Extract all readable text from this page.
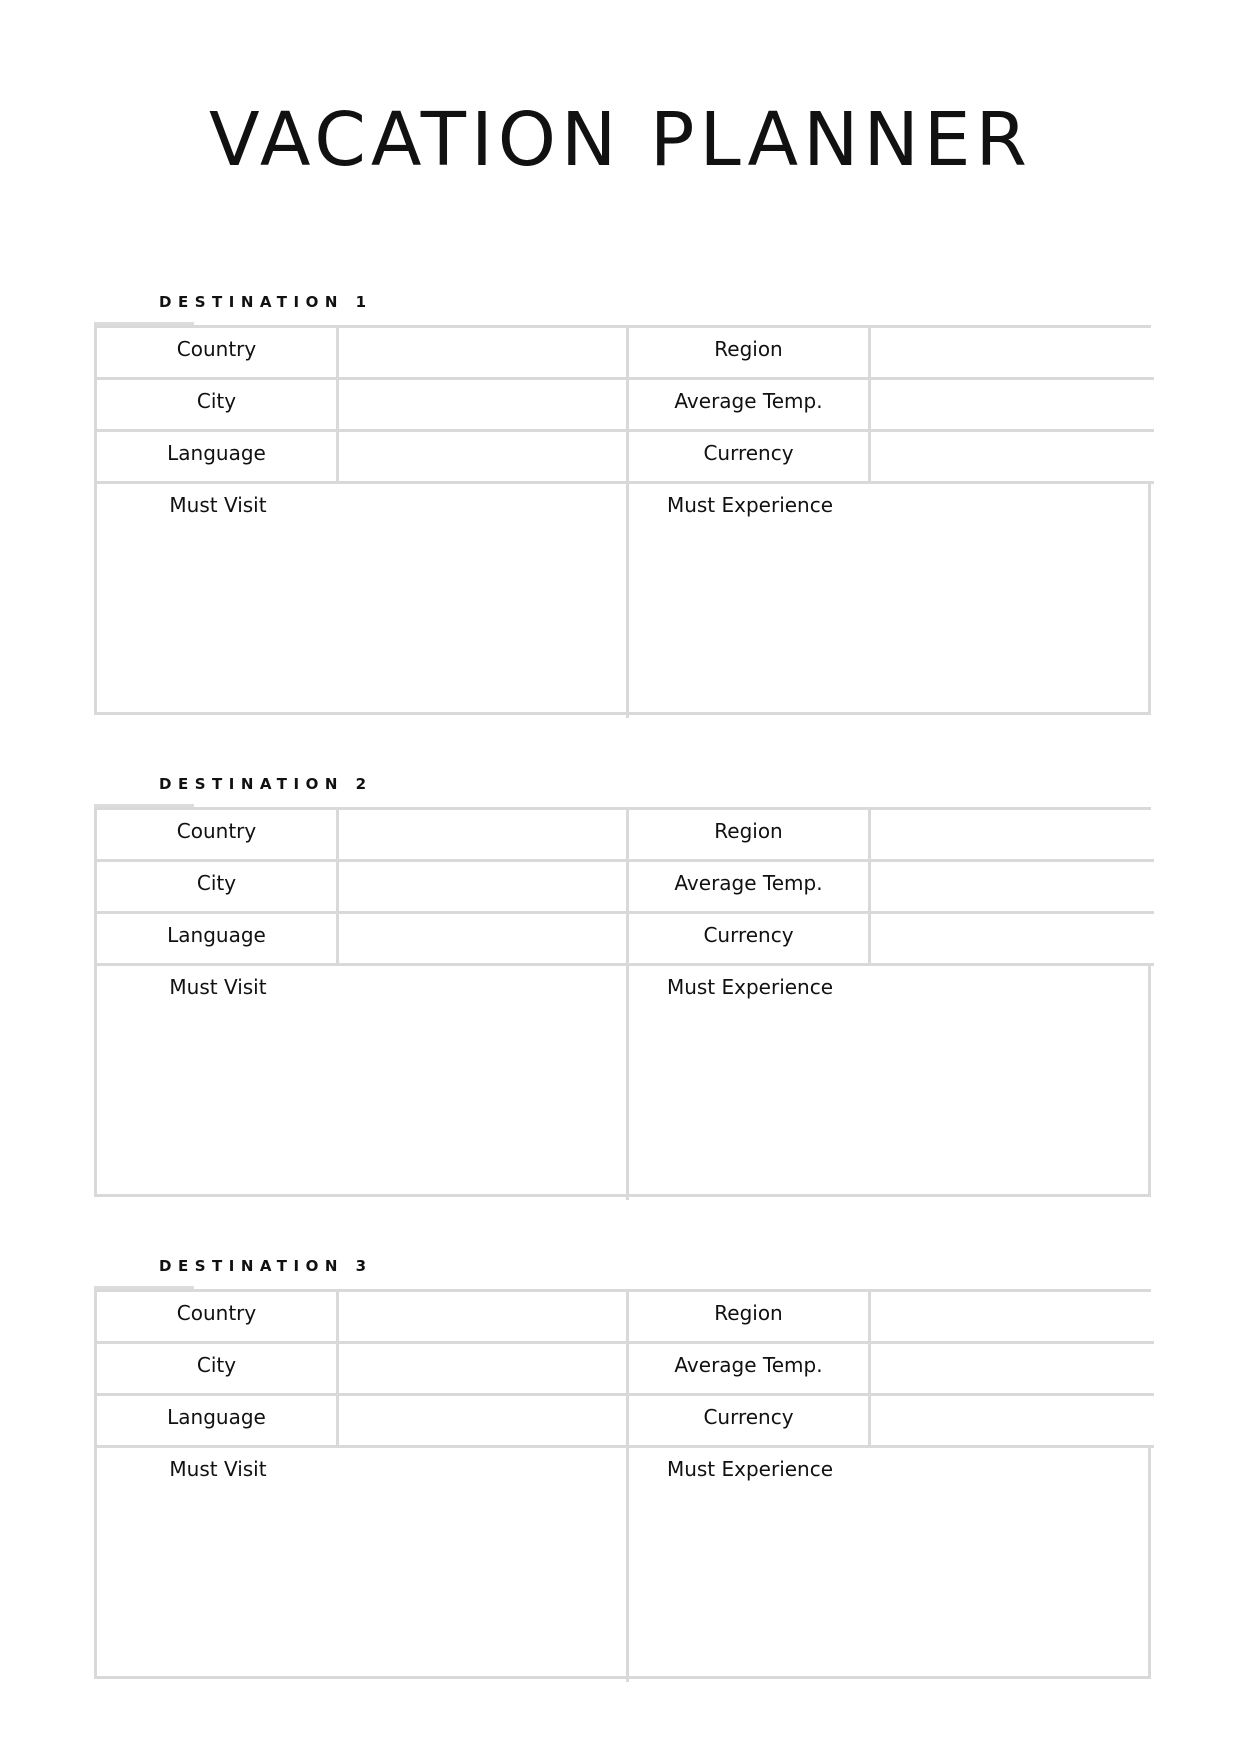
VACATION PLANNER
DESTINATION 1
Country	Region
City	Average Temp.
Language	Currency
Must Visit	Must Experience
DESTINATION 2
Country	Region
City	Average Temp.
Language	Currency
Must Visit	Must Experience
DESTINATION 3
Country	Region
City	Average Temp.
Language	Currency
Must Visit	Must Experience
